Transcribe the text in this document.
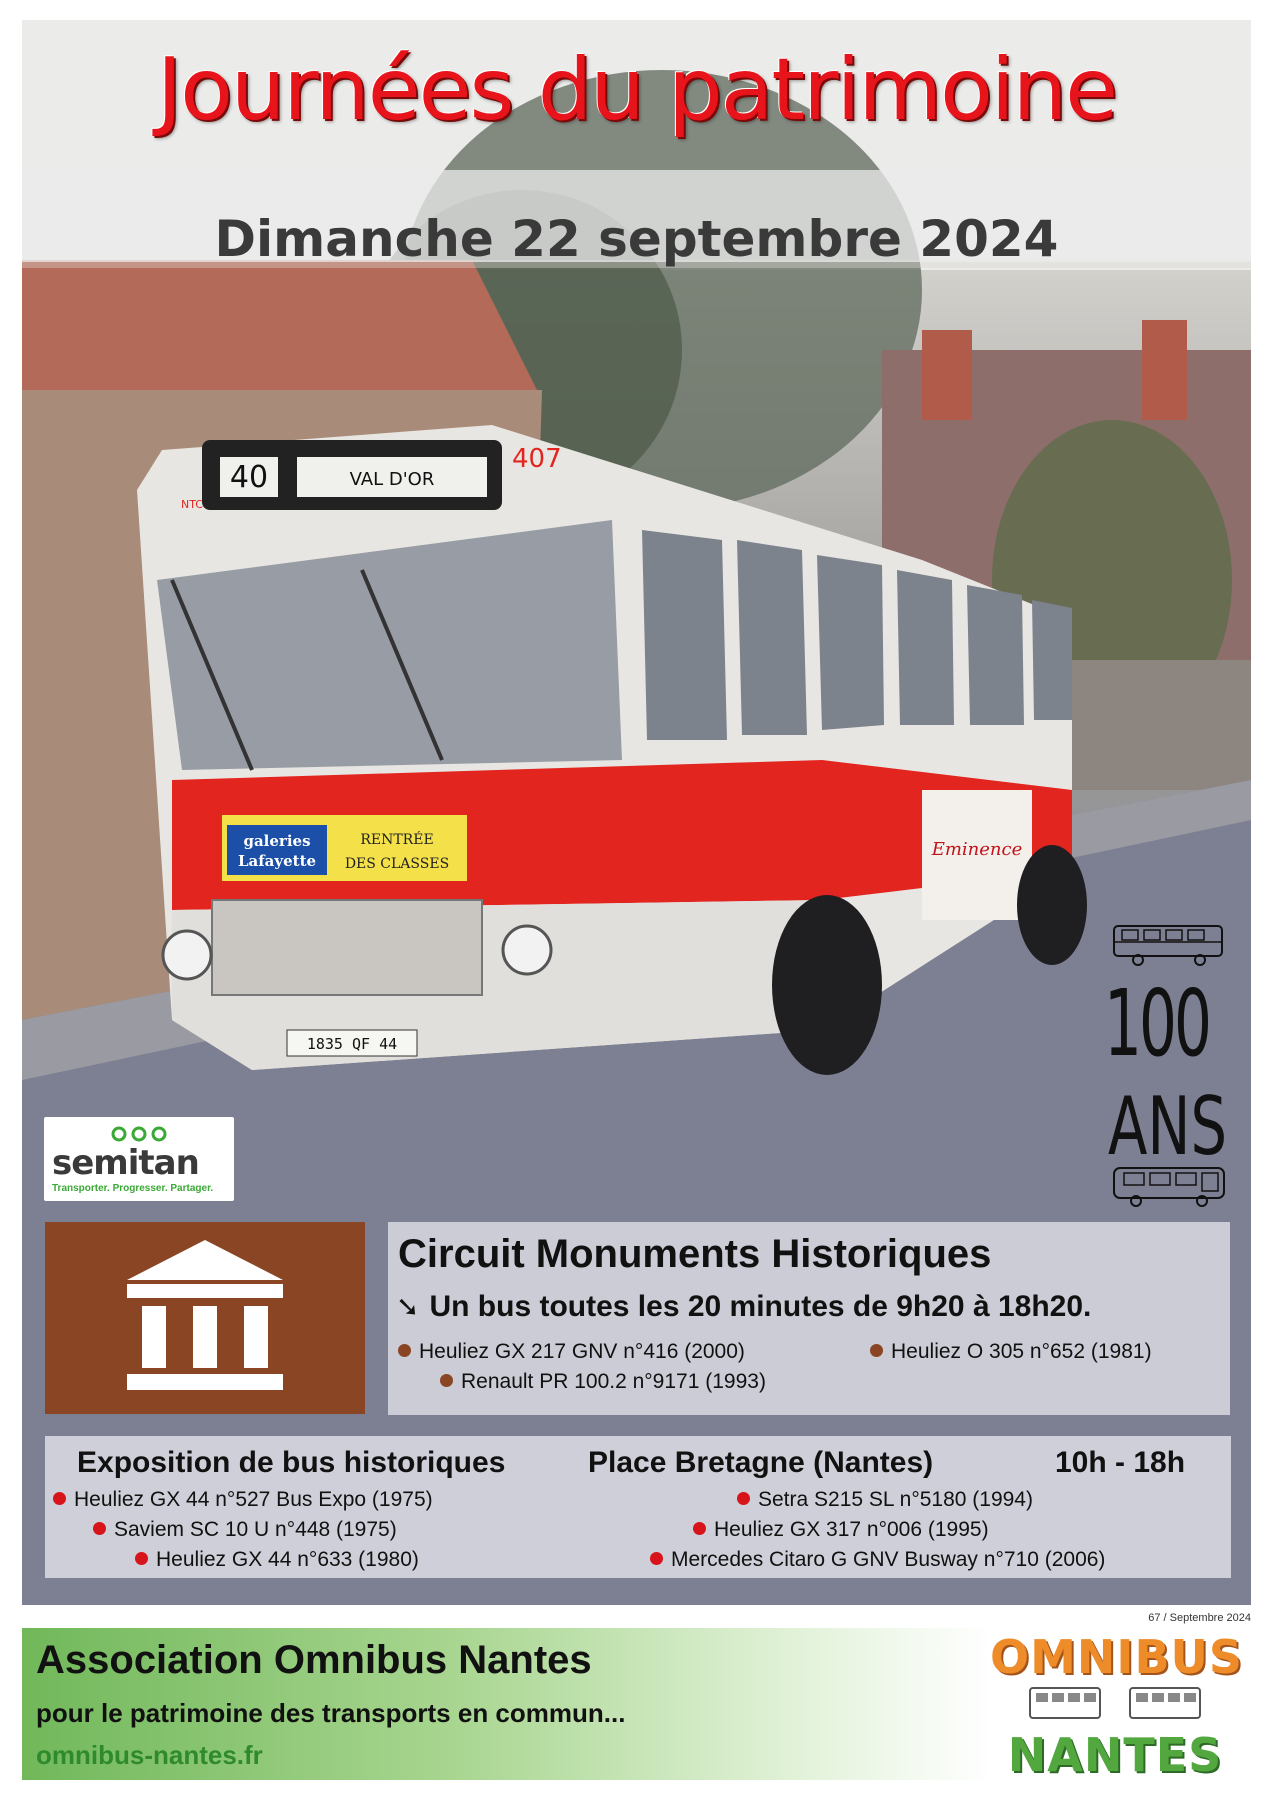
40	VAL D'OR
407
NTC
galeries
Lafayette
RENTRÉE
DES CLASSES
Eminence
1835 QF 44
Journées du patrimoine
Dimanche 22 septembre 2024
semitan
Transporter. Progresser. Partager.
100
ANS
Circuit Monuments Historiques
➘ Un bus toutes les 20 minutes de 9h20 à 18h20.
Heuliez GX 217 GNV n°416 (2000)	Heuliez O 305 n°652 (1981)
Renault PR 100.2 n°9171 (1993)
Exposition de bus historiques	Place Bretagne (Nantes)	10h - 18h
Heuliez GX 44 n°527 Bus Expo (1975)
Saviem SC 10 U n°448 (1975)
Heuliez GX 44 n°633 (1980)
Setra S215 SL n°5180 (1994)
Heuliez GX 317 n°006 (1995)
Mercedes Citaro G GNV Busway n°710 (2006)
67 / Septembre 2024
Association Omnibus Nantes
pour le patrimoine des transports en commun...
omnibus-nantes.fr
OMNIBUS
NANTES
